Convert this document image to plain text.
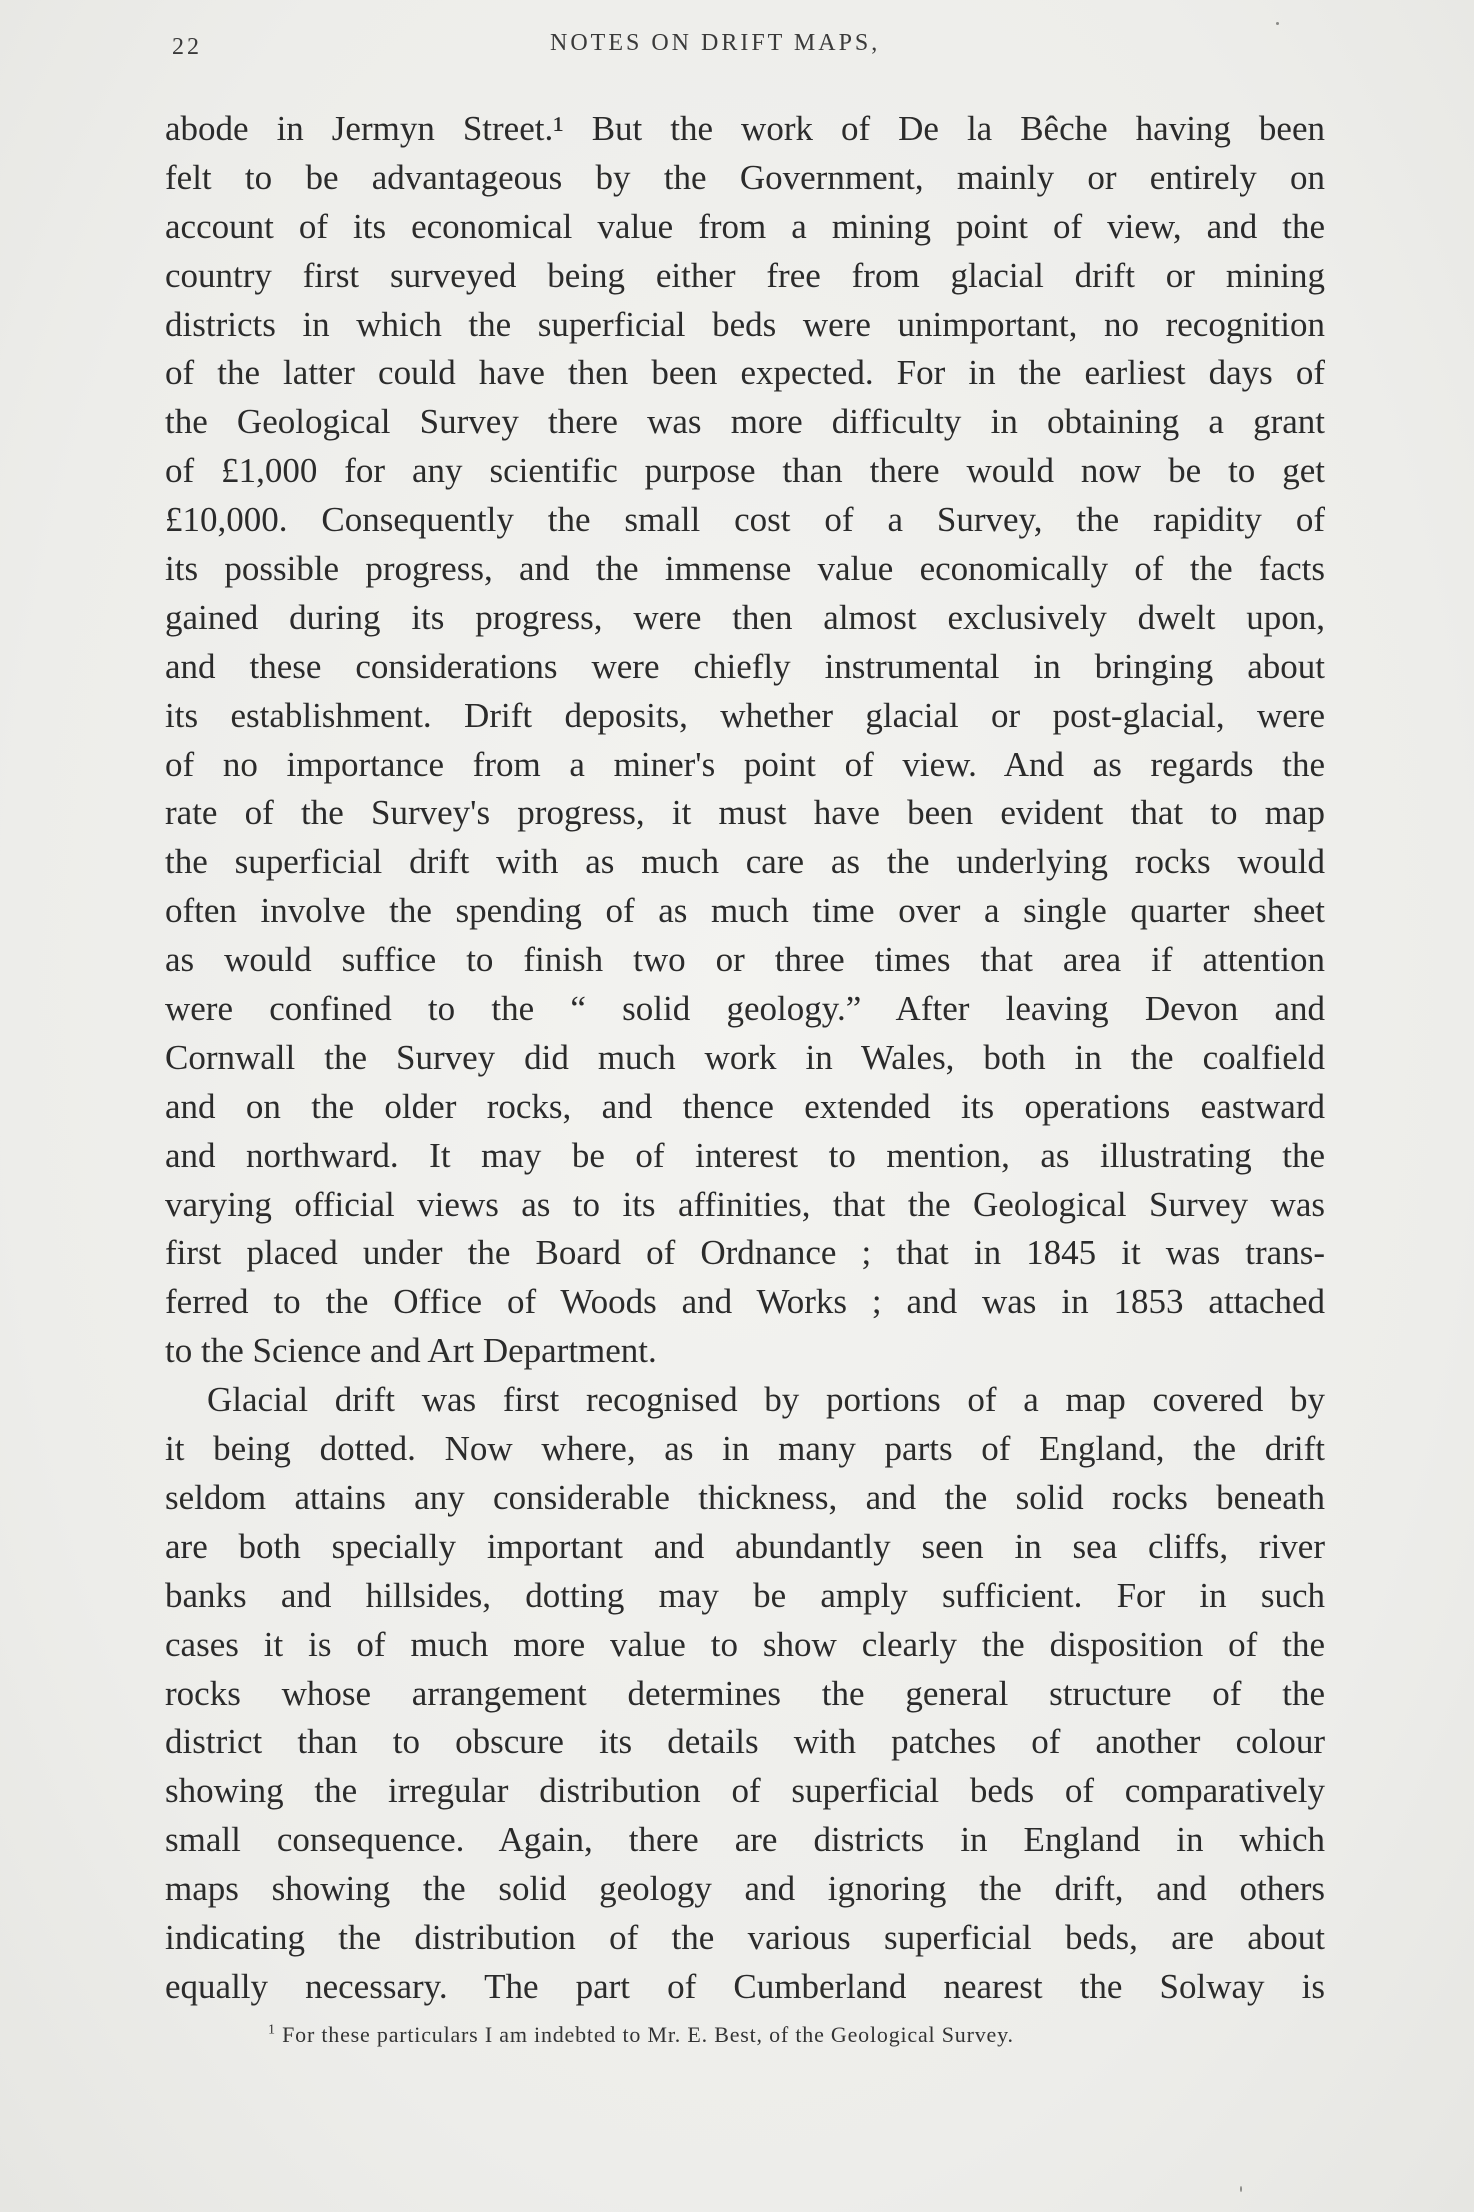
22	NOTES ON DRIFT MAPS,
abode in Jermyn Street.¹ But the work of De la Bêche having been
felt to be advantageous by the Government, mainly or entirely on
account of its economical value from a mining point of view, and the
country first surveyed being either free from glacial drift or mining
districts in which the superficial beds were unimportant, no recognition
of the latter could have then been expected. For in the earliest days of
the Geological Survey there was more difficulty in obtaining a grant
of £1,000 for any scientific purpose than there would now be to get
£10,000. Consequently the small cost of a Survey, the rapidity of
its possible progress, and the immense value economically of the facts
gained during its progress, were then almost exclusively dwelt upon,
and these considerations were chiefly instrumental in bringing about
its establishment. Drift deposits, whether glacial or post-glacial, were
of no importance from a miner's point of view. And as regards the
rate of the Survey's progress, it must have been evident that to map
the superficial drift with as much care as the underlying rocks would
often involve the spending of as much time over a single quarter sheet
as would suffice to finish two or three times that area if attention
were confined to the “ solid geology.” After leaving Devon and
Cornwall the Survey did much work in Wales, both in the coalfield
and on the older rocks, and thence extended its operations eastward
and northward. It may be of interest to mention, as illustrating the
varying official views as to its affinities, that the Geological Survey was
first placed under the Board of Ordnance ; that in 1845 it was trans-
ferred to the Office of Woods and Works ; and was in 1853 attached
to the Science and Art Department.
Glacial drift was first recognised by portions of a map covered by
it being dotted. Now where, as in many parts of England, the drift
seldom attains any considerable thickness, and the solid rocks beneath
are both specially important and abundantly seen in sea cliffs, river
banks and hillsides, dotting may be amply sufficient. For in such
cases it is of much more value to show clearly the disposition of the
rocks whose arrangement determines the general structure of the
district than to obscure its details with patches of another colour
showing the irregular distribution of superficial beds of comparatively
small consequence. Again, there are districts in England in which
maps showing the solid geology and ignoring the drift, and others
indicating the distribution of the various superficial beds, are about
equally necessary. The part of Cumberland nearest the Solway is
$^1$ For these particulars I am indebted to Mr. E. Best, of the Geological Survey.
